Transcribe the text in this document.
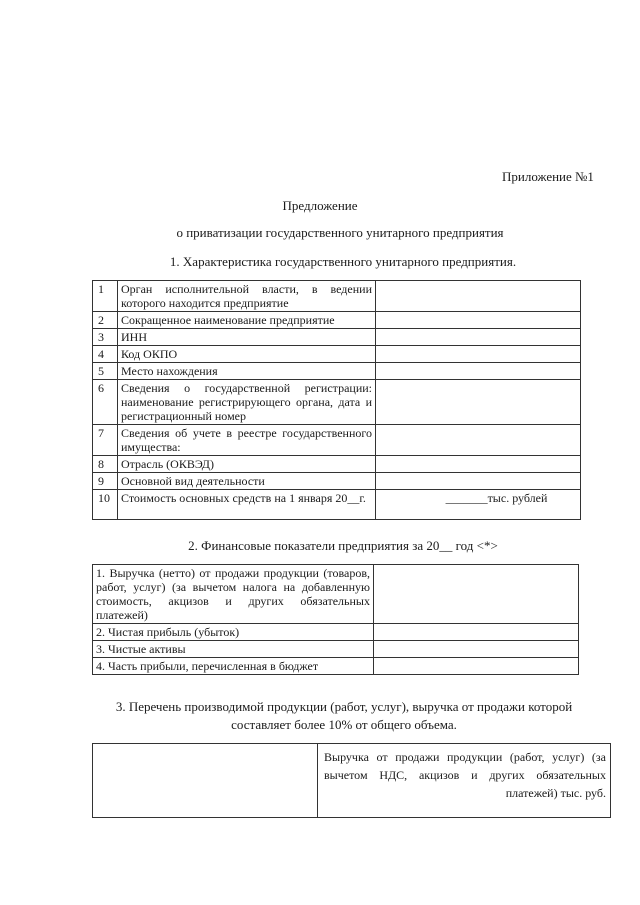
Приложение №1
Предложение
о приватизации государственного унитарного предприятия
1. Характеристика государственного унитарного предприятия.
1	Орган исполнительной власти, в ведении которого находится предприятие	
2	Сокращенное наименование предприятие	
3	ИНН	
4	Код ОКПО	
5	Место нахождения	
6	Сведения о государственной регистрации: наименование регистрирующего органа, дата и регистрационный номер	
7	Сведения об учете в реестре государственного имущества:	
8	Отрасль (ОКВЭД)	
9	Основной вид деятельности	
10	Стоимость основных средств на 1 января 20__г.	_______тыс. рублей
2. Финансовые показатели предприятия за 20__ год <*>
1. Выручка (нетто) от продажи продукции (товаров, работ, услуг) (за вычетом налога на добавленную стоимость, акцизов и других обязательных платежей)	
2. Чистая прибыль (убыток)	
3. Чистые активы	
4. Часть прибыли, перечисленная в бюджет	
3. Перечень производимой продукции (работ, услуг), выручка от продажи которой составляет более 10% от общего объема.
	Выручка от продажи продукции (работ, услуг) (за вычетом НДС, акцизов и других обязательных платежей) тыс. руб.
